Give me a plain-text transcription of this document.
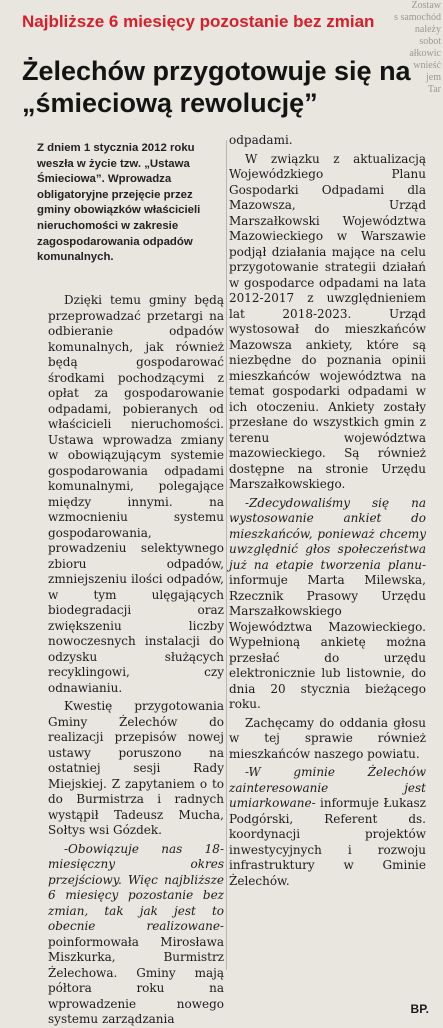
Zostaw
s samochód
należy
sobot
ałkowic
wnieść
jem
Tar
Najbliższe 6 miesięcy pozostanie bez zmian
Żelechów przygotowuje się na „śmieciową rewolucję”
Z dniem 1 stycznia 2012 roku weszła w życie tzw. „Ustawa Śmieciowa”. Wprowadza obligatoryjne przejęcie przez gminy obowiązków właścicieli nieruchomości w zakresie zagospodarowania odpadów komunalnych.

Dzięki temu gminy będą przeprowadzać przetargi na odbieranie odpadów komunalnych, jak również będą gospodarować środkami pochodzącymi z opłat za gospodarowanie odpadami, pobieranych od właścicieli nieruchomości. Ustawa wprowadza zmiany w obowiązującym systemie gospodarowania odpadami komunalnymi, polegające między innymi. na wzmocnieniu systemu gospodarowania, prowadzeniu selektywnego zbioru odpadów, zmniejszeniu ilości odpadów, w tym ulęgających biodegradacji oraz zwiększeniu liczby nowoczesnych instalacji do odzysku służących recyklingowi, czy odnawianiu.

Kwestię przygotowania Gminy Żelechów do realizacji przepisów nowej ustawy poruszono na ostatniej sesji Rady Miejskiej. Z zapytaniem o to do Burmistrza i radnych wystąpił Tadeusz Mucha, Sołtys wsi Gózdek.

-Obowiązuje nas 18-miesięczny okres przejściowy. Więc najbliższe 6 miesięcy pozostanie bez zmian, tak jak jest to obecnie realizowane- poinformowała Mirosława Miszkurka, Burmistrz Żelechowa. Gminy mają półtora roku na wprowadzenie nowego systemu zarządzania

odpadami.

W związku z aktualizacją Wojewódzkiego Planu Gospodarki Odpadami dla Mazowsza, Urząd Marszałkowski Województwa Mazowieckiego w Warszawie podjął działania mające na celu przygotowanie strategii działań w gospodarce odpadami na lata 2012-2017 z uwzględnieniem lat 2018-2023. Urząd wystosował do mieszkańców Mazowsza ankiety, które są niezbędne do poznania opinii mieszkańców województwa na temat gospodarki odpadami w ich otoczeniu. Ankiety zostały przesłane do wszystkich gmin z terenu województwa mazowieckiego. Są również dostępne na stronie Urzędu Marszałkowskiego.

-Zdecydowaliśmy się na wystosowanie ankiet do mieszkańców, ponieważ chcemy uwzględnić głos społeczeństwa już na etapie tworzenia planu- informuje Marta Milewska, Rzecznik Prasowy Urzędu Marszałkowskiego Województwa Mazowieckiego. Wypełnioną ankietę można przesłać do urzędu elektronicznie lub listownie, do dnia 20 stycznia bieżącego roku.

Zachęcamy do oddania głosu w tej sprawie również mieszkańców naszego powiatu.

-W gminie Żelechów zainteresowanie jest umiarkowane- informuje Łukasz Podgórski, Referent ds. koordynacji projektów inwestycyjnych i rozwoju infrastruktury w Gminie Żelechów.

BP.
